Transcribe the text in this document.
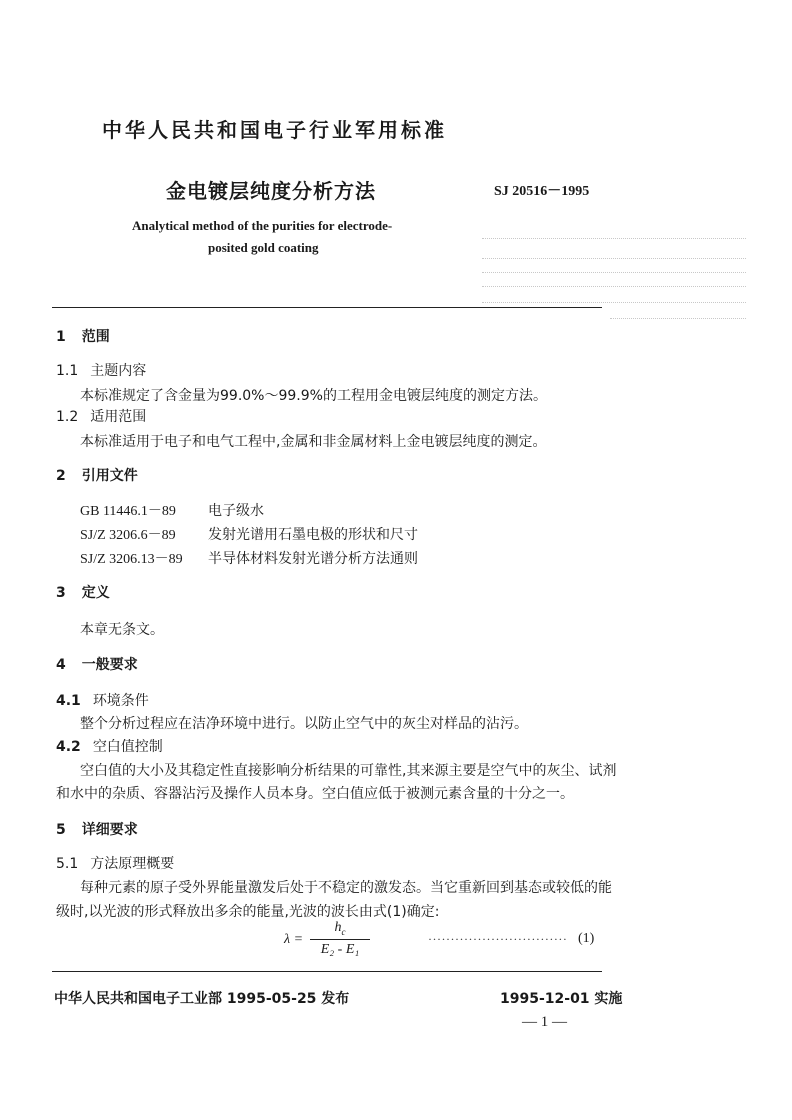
中华人民共和国电子行业军用标准
金电镀层纯度分析方法	SJ 20516－1995
Analytical method of the purities for electrode-
posited gold coating
1 范围
1.1 主题内容
本标准规定了含金量为99.0%～99.9%的工程用金电镀层纯度的测定方法。
1.2 适用范围
本标准适用于电子和电气工程中,金属和非金属材料上金电镀层纯度的测定。
2 引用文件
GB 11446.1－89 电子级水
SJ/Z 3206.6－89 发射光谱用石墨电极的形状和尺寸
SJ/Z 3206.13－89 半导体材料发射光谱分析方法通则
3 定义
本章无条文。
4 一般要求
4.1 环境条件
整个分析过程应在洁净环境中进行。以防止空气中的灰尘对样品的沾污。
4.2 空白值控制
空白值的大小及其稳定性直接影响分析结果的可靠性,其来源主要是空气中的灰尘、试剂
和水中的杂质、容器沾污及操作人员本身。空白值应低于被测元素含量的十分之一。
5 详细要求
5.1 方法原理概要
每种元素的原子受外界能量激发后处于不稳定的激发态。当它重新回到基态或较低的能
级时,以光波的形式释放出多余的能量,光波的波长由式(1)确定:
λ =
$h_c$
E₂ - E₁
······························· (1)
中华人民共和国电子工业部 1995-05-25 发布	1995-12-01 实施
— 1 —
